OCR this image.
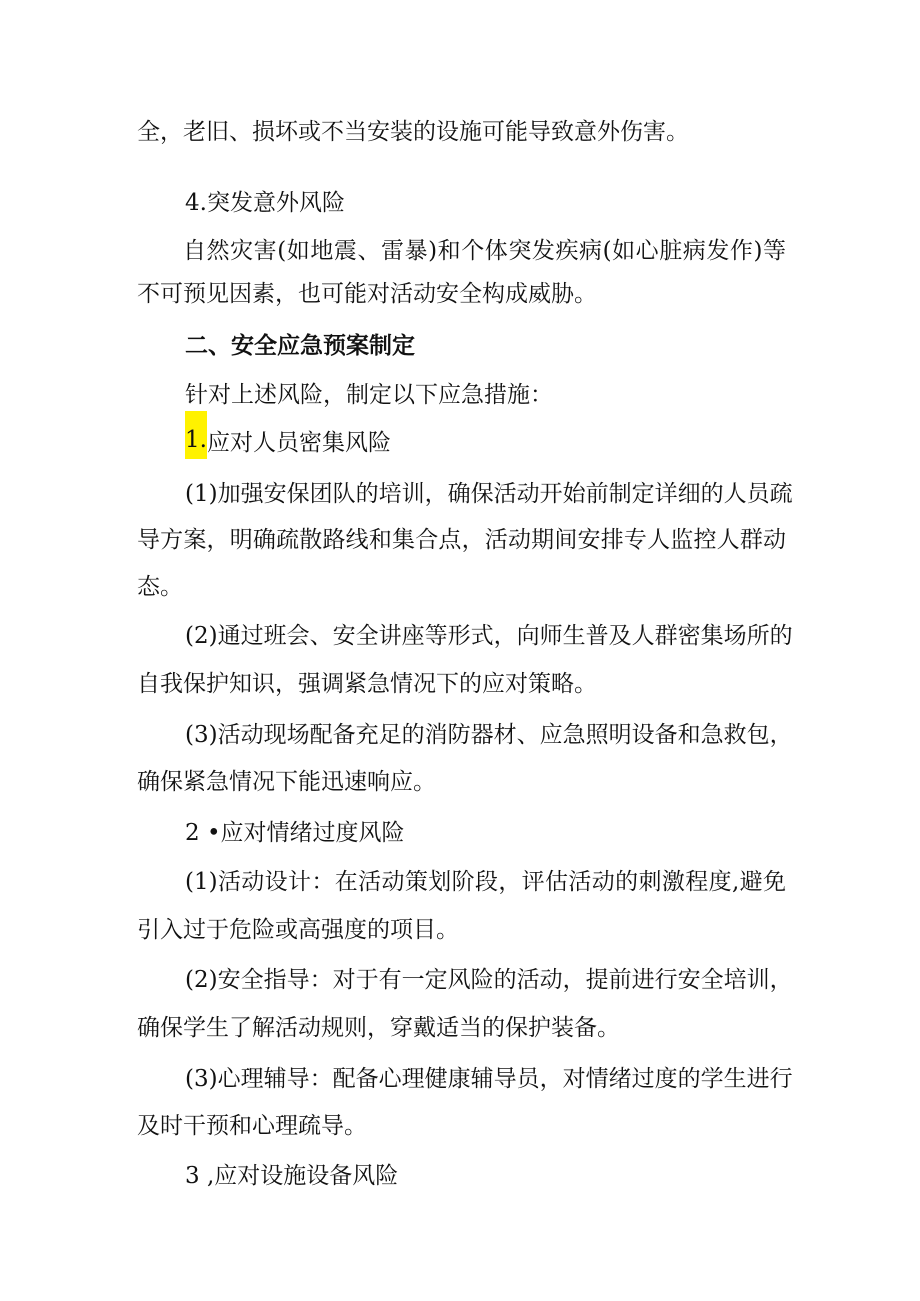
全，老旧、损坏或不当安装的设施可能导致意外伤害。

4.突发意外风险

自然灾害(如地震、雷暴)和个体突发疾病(如心脏病发作)等

不可预见因素，也可能对活动安全构成威胁。

二、安全应急预案制定

针对上述风险，制定以下应急措施：

1.应对人员密集风险

(1)加强安保团队的培训，确保活动开始前制定详细的人员疏

导方案，明确疏散路线和集合点，活动期间安排专人监控人群动

态。

(2)通过班会、安全讲座等形式，向师生普及人群密集场所的

自我保护知识，强调紧急情况下的应对策略。

(3)活动现场配备充足的消防器材、应急照明设备和急救包，

确保紧急情况下能迅速响应。

2 •应对情绪过度风险

(1)活动设计：在活动策划阶段，评估活动的刺激程度,避免

引入过于危险或高强度的项目。

(2)安全指导：对于有一定风险的活动，提前进行安全培训，

确保学生了解活动规则，穿戴适当的保护装备。

(3)心理辅导：配备心理健康辅导员，对情绪过度的学生进行

及时干预和心理疏导。

3 ,应对设施设备风险
